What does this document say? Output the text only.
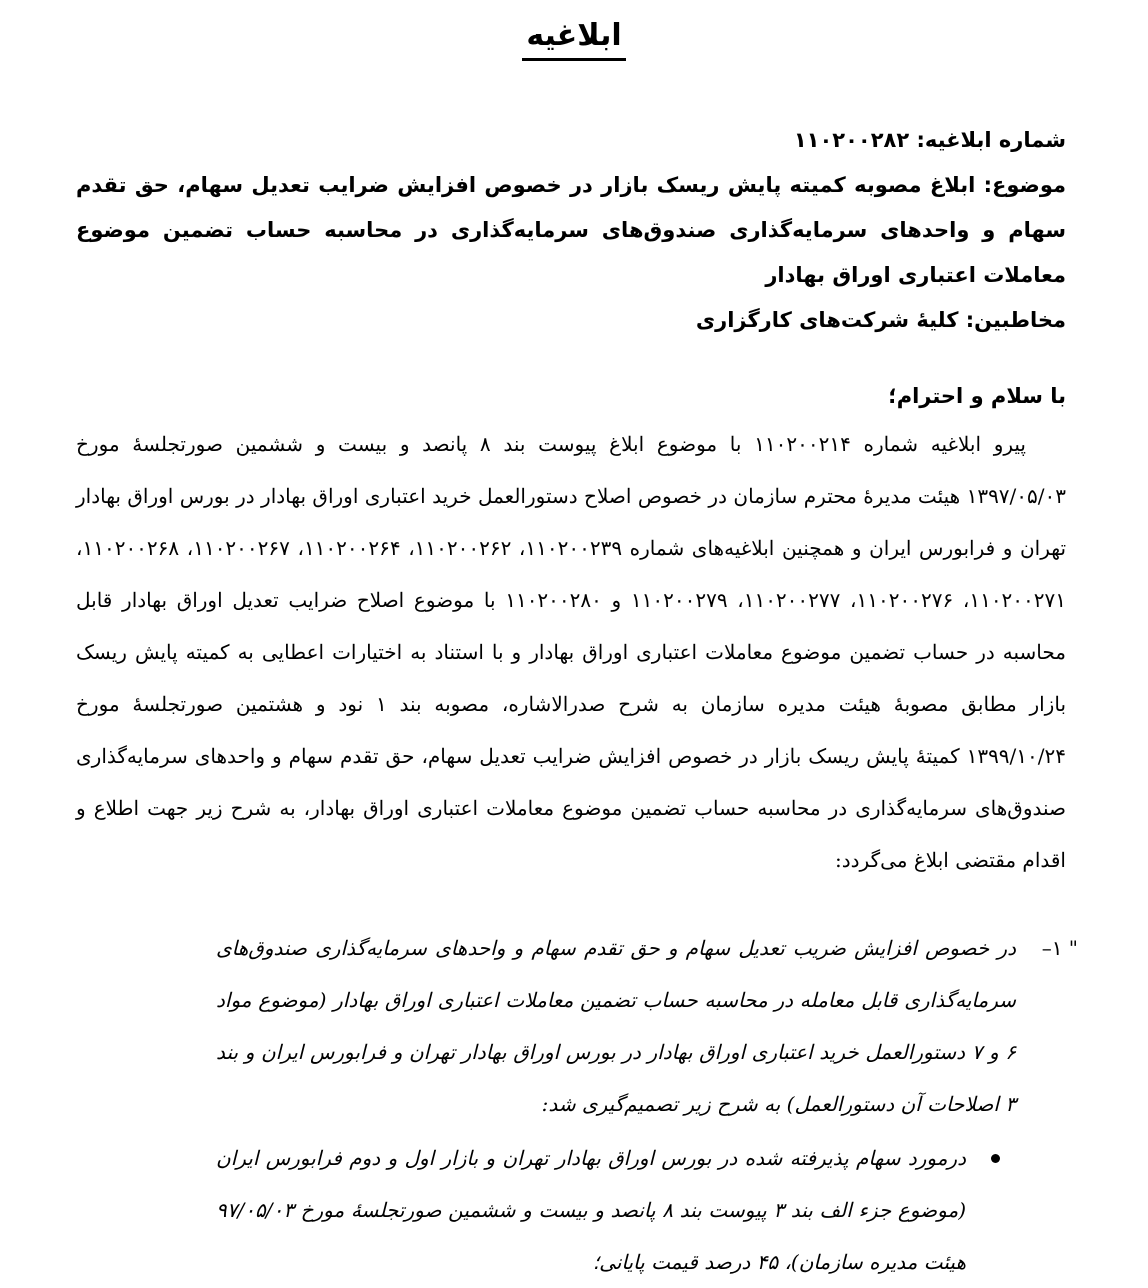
ابلاغیه

شماره ابلاغیه: ۱۱۰۲۰۰۲۸۲

موضوع: ابلاغ مصوبه کمیته پایش ریسک بازار در خصوص افزایش ضرایب تعدیل سهام، حق تقدم سهام و واحدهای سرمایه‌گذاری صندوق‌های سرمایه‌گذاری در محاسبه حساب تضمین موضوع معاملات اعتباری اوراق بهادار

مخاطبین: کلیهٔ شرکت‌های کارگزاری

با سلام و احترام؛

پیرو ابلاغیه شماره ۱۱۰۲۰۰۲۱۴ با موضوع ابلاغ پیوست بند ۸ پانصد و بیست و ششمین صورتجلسهٔ مورخ ۱۳۹۷/۰۵/۰۳ هیئت مدیرهٔ محترم سازمان در خصوص اصلاح دستورالعمل خرید اعتباری اوراق بهادار در بورس اوراق بهادار تهران و فرابورس ایران و همچنین ابلاغیه‌های شماره ۱۱۰۲۰۰۲۳۹، ۱۱۰۲۰۰۲۶۲، ۱۱۰۲۰۰۲۶۴، ۱۱۰۲۰۰۲۶۷، ۱۱۰۲۰۰۲۶۸، ۱۱۰۲۰۰۲۷۱، ۱۱۰۲۰۰۲۷۶، ۱۱۰۲۰۰۲۷۷، ۱۱۰۲۰۰۲۷۹ و ۱۱۰۲۰۰۲۸۰ با موضوع اصلاح ضرایب تعدیل اوراق بهادار قابل محاسبه در حساب تضمین موضوع معاملات اعتباری اوراق بهادار و با استناد به اختیارات اعطایی به کمیته پایش ریسک بازار مطابق مصوبهٔ هیئت مدیره سازمان به شرح صدرالاشاره، مصوبه بند ۱ نود و هشتمین صورتجلسهٔ مورخ ۱۳۹۹/۱۰/۲۴ کمیتهٔ پایش ریسک بازار در خصوص افزایش ضرایب تعدیل سهام، حق تقدم سهام و واحدهای سرمایه‌گذاری صندوق‌های سرمایه‌گذاری در محاسبه حساب تضمین موضوع معاملات اعتباری اوراق بهادار، به شرح زیر جهت اطلاع و اقدام مقتضی ابلاغ می‌گردد:

" ۱–
در خصوص افزایش ضریب تعدیل سهام و حق تقدم سهام و واحدهای سرمایه‌گذاری صندوق‌های سرمایه‌گذاری قابل معامله در محاسبه حساب تضمین معاملات اعتباری اوراق بهادار (موضوع مواد ۶ و ۷ دستورالعمل خرید اعتباری اوراق بهادار در بورس اوراق بهادار تهران و فرابورس ایران و بند ۳ اصلاحات آن دستورالعمل) به شرح زیر تصمیم‌گیری شد:
درمورد سهام پذیرفته شده در بورس اوراق بهادار تهران و بازار اول و دوم فرابورس ایران (موضوع جزء الف بند ۳ پیوست بند ۸ پانصد و بیست و ششمین صورتجلسهٔ مورخ ۹۷/۰۵/۰۳ هیئت مدیره سازمان)، ۴۵ درصد قیمت پایانی؛
